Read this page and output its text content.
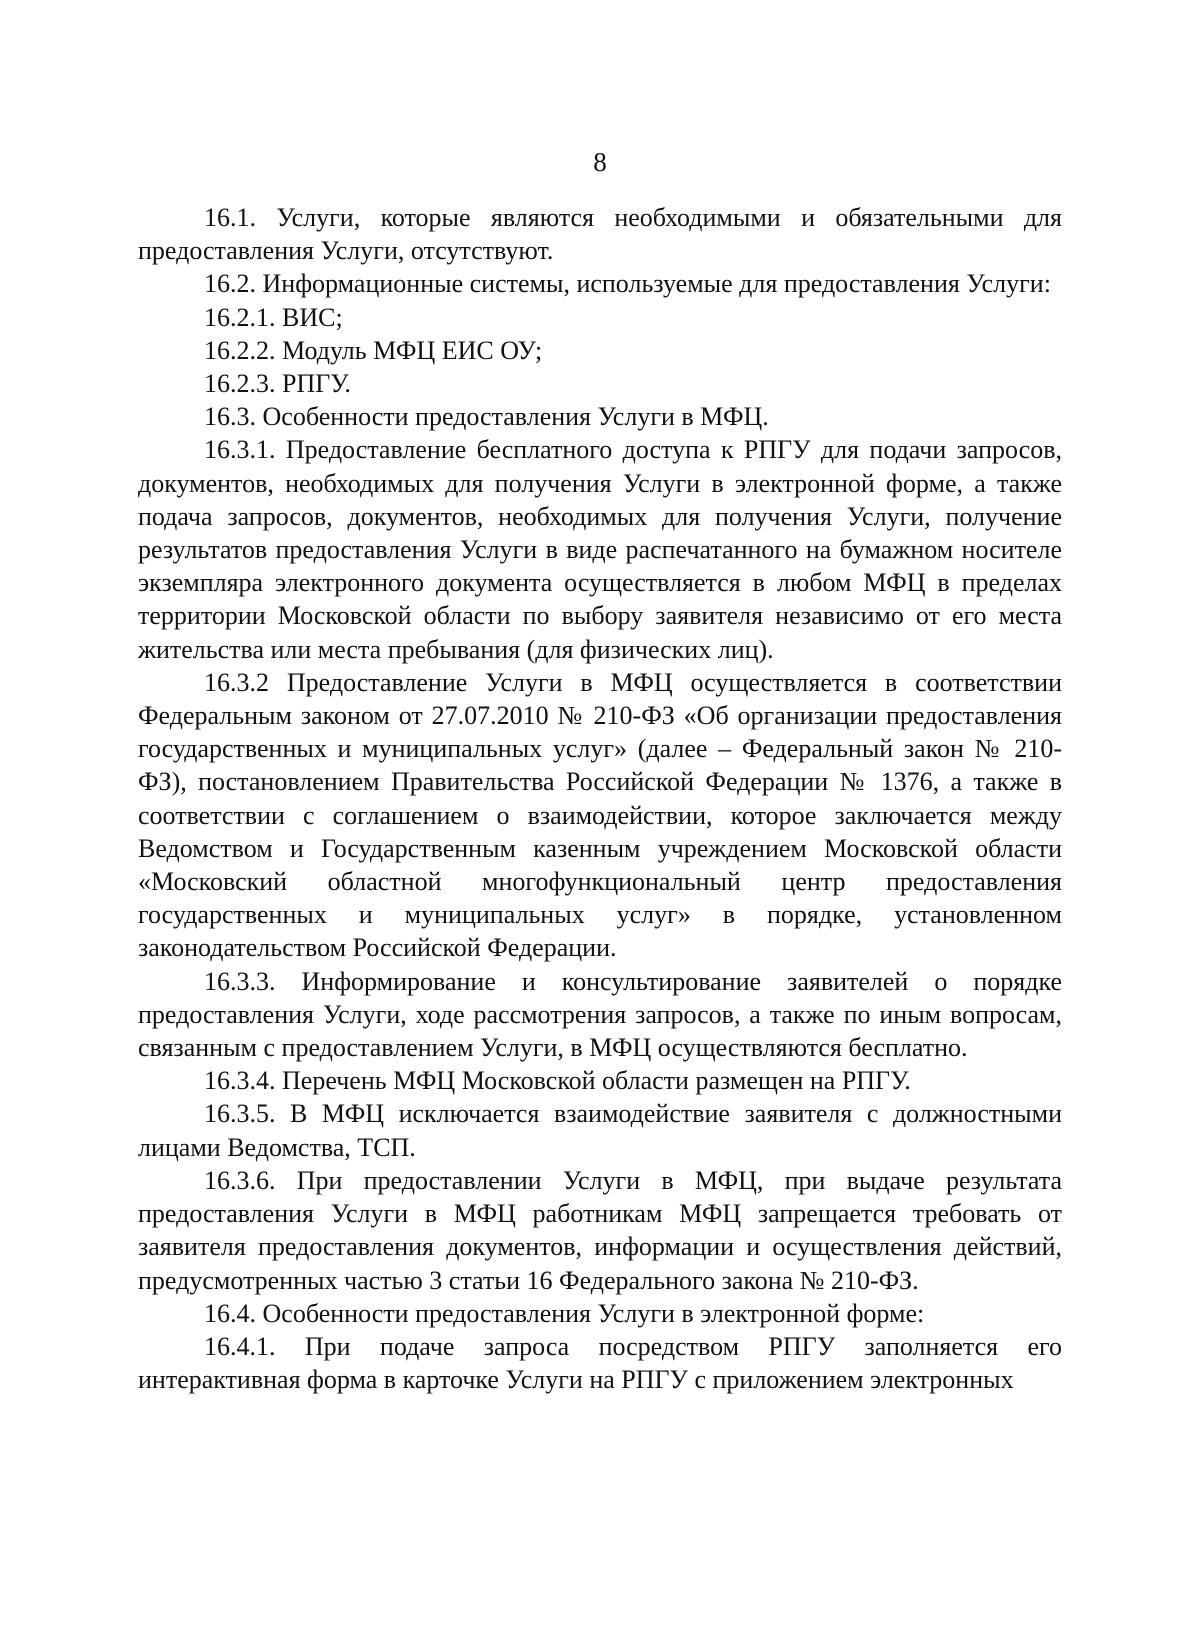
8

16.1. Услуги, которые являются необходимыми и обязательными для предоставления Услуги, отсутствуют.

16.2. Информационные системы, используемые для предоставления Услуги:

16.2.1. ВИС;

16.2.2. Модуль МФЦ ЕИС ОУ;

16.2.3. РПГУ.

16.3. Особенности предоставления Услуги в МФЦ.

16.3.1. Предоставление бесплатного доступа к РПГУ для подачи запросов, документов, необходимых для получения Услуги в электронной форме, а также подача запросов, документов, необходимых для получения Услуги, получение результатов предоставления Услуги в виде распечатанного на бумажном носителе экземпляра электронного документа осуществляется в любом МФЦ в пределах территории Московской области по выбору заявителя независимо от его места жительства или места пребывания (для физических лиц).

16.3.2 Предоставление Услуги в МФЦ осуществляется в соответствии Федеральным законом от 27.07.2010 № 210-ФЗ «Об организации предоставления государственных и муниципальных услуг» (далее – Федеральный закон № 210-ФЗ), постановлением Правительства Российской Федерации № 1376, а также в соответствии с соглашением о взаимодействии, которое заключается между Ведомством и Государственным казенным учреждением Московской области «Московский областной многофункциональный центр предоставления государственных и муниципальных услуг» в порядке, установленном законодательством Российской Федерации.

16.3.3. Информирование и консультирование заявителей о порядке предоставления Услуги, ходе рассмотрения запросов, а также по иным вопросам, связанным с предоставлением Услуги, в МФЦ осуществляются бесплатно.

16.3.4. Перечень МФЦ Московской области размещен на РПГУ.

16.3.5. В МФЦ исключается взаимодействие заявителя с должностными лицами Ведомства, ТСП.

16.3.6. При предоставлении Услуги в МФЦ, при выдаче результата предоставления Услуги в МФЦ работникам МФЦ запрещается требовать от заявителя предоставления документов, информации и осуществления действий, предусмотренных частью 3 статьи 16 Федерального закона № 210-ФЗ.

16.4. Особенности предоставления Услуги в электронной форме:

16.4.1. При подаче запроса посредством РПГУ заполняется его интерактивная форма в карточке Услуги на РПГУ с приложением электронных
